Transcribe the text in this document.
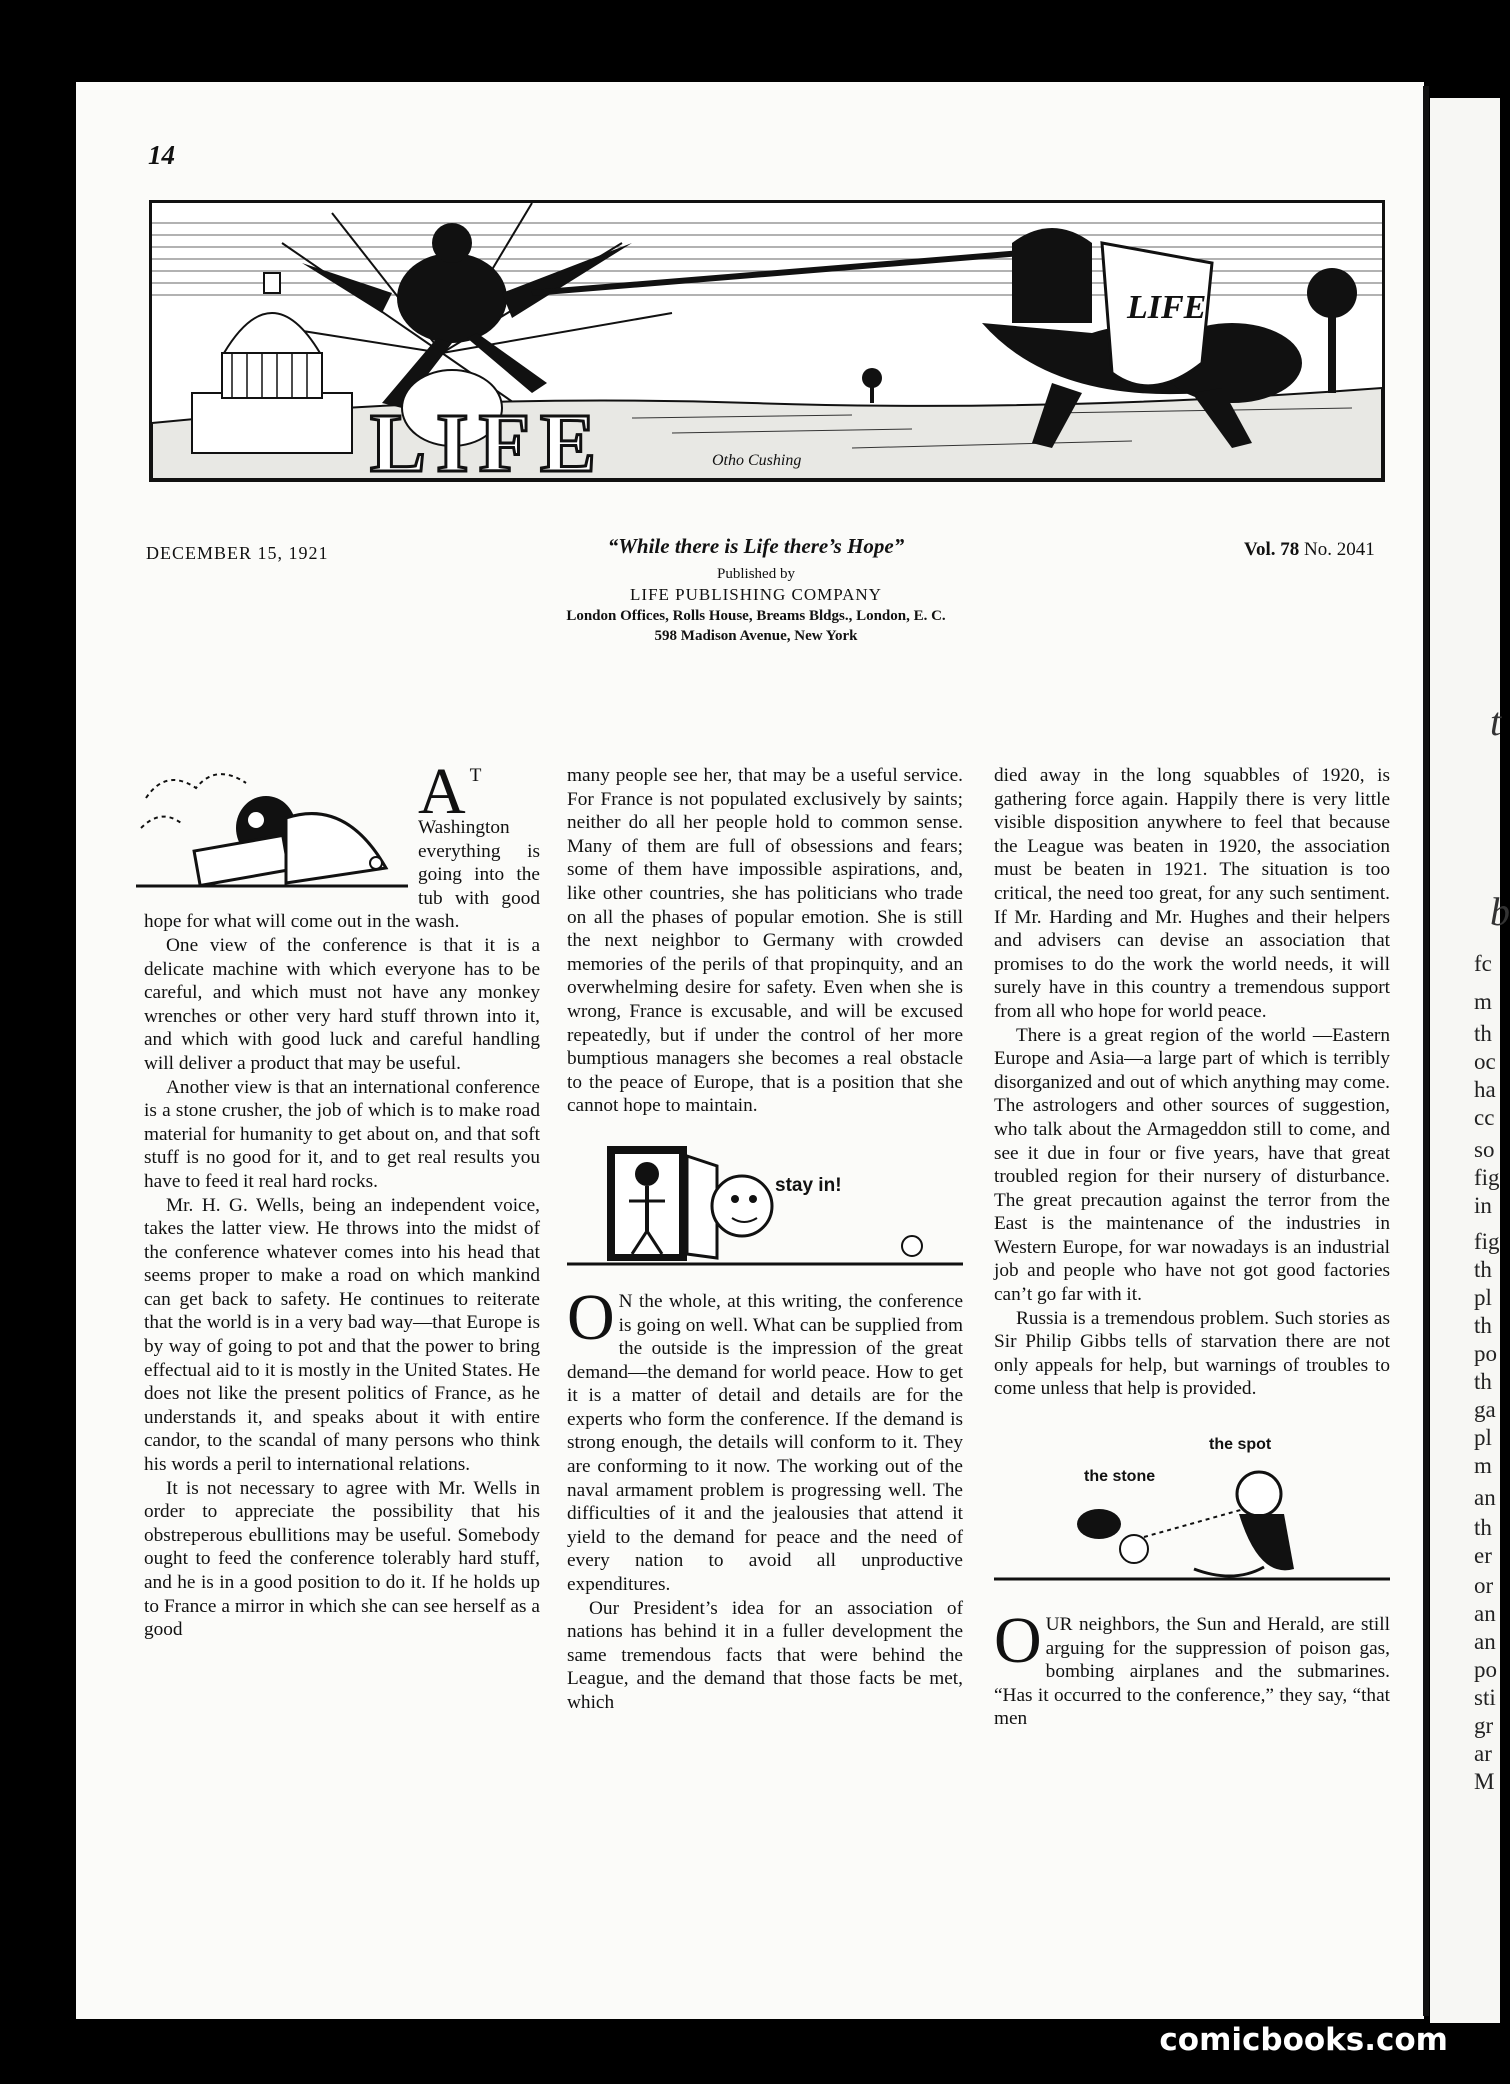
14
LIFE
LIFE	Otho Cushing
DECEMBER 15, 1921	“While there is Life there’s Hope”
Published by
LIFE PUBLISHING COMPANY
London Offices, Rolls House, Breams Bldgs., London, E. C.
598 Madison Avenue, New York
Vol. 78 No. 2041

A T Washington everything is going into the tub with good hope for what will come out in the wash.

One view of the conference is that it is a delicate machine with which everyone has to be careful, and which must not have any monkey wrenches or other very hard stuff thrown into it, and which with good luck and careful handling will deliver a product that may be useful.

Another view is that an international conference is a stone crusher, the job of which is to make road material for humanity to get about on, and that soft stuff is no good for it, and to get real results you have to feed it real hard rocks.

Mr. H. G. Wells, being an independent voice, takes the latter view. He throws into the midst of the conference whatever comes into his head that seems proper to make a road on which mankind can get back to safety. He continues to reiterate that the world is in a very bad way—that Europe is by way of going to pot and that the power to bring effectual aid to it is mostly in the United States. He does not like the present politics of France, as he understands it, and speaks about it with entire candor, to the scandal of many persons who think his words a peril to international relations.

It is not necessary to agree with Mr. Wells in order to appreciate the possibility that his obstreperous ebullitions may be useful. Somebody ought to feed the conference tolerably hard stuff, and he is in a good position to do it. If he holds up to France a mirror in which she can see herself as a good

many people see her, that may be a useful service. For France is not populated exclusively by saints; neither do all her people hold to common sense. Many of them are full of obsessions and fears; some of them have impossible aspirations, and, like other countries, she has politicians who trade on all the phases of popular emotion. She is still the next neighbor to Germany with crowded memories of the perils of that propinquity, and an overwhelming desire for safety. Even when she is wrong, France is excusable, and will be excused repeatedly, but if under the control of her more bumptious managers she becomes a real obstacle to the peace of Europe, that is a position that she cannot hope to maintain.

stay in!

O N the whole, at this writing, the conference is going on well. What can be supplied from the outside is the impression of the great demand—the demand for world peace. How to get it is a matter of detail and details are for the experts who form the conference. If the demand is strong enough, the details will conform to it. They are conforming to it now. The working out of the naval armament problem is progressing well. The difficulties of it and the jealousies that attend it yield to the demand for peace and the need of every nation to avoid all unproductive expenditures.

Our President’s idea for an association of nations has behind it in a fuller development the same tremendous facts that were behind the League, and the demand that those facts be met, which

died away in the long squabbles of 1920, is gathering force again. Happily there is very little visible disposition anywhere to feel that because the League was beaten in 1920, the association must be beaten in 1921. The situation is too critical, the need too great, for any such sentiment. If Mr. Harding and Mr. Hughes and their helpers and advisers can devise an association that promises to do the work the world needs, it will surely have in this country a tremendous support from all who hope for world peace.

There is a great region of the world —Eastern Europe and Asia—a large part of which is terribly disorganized and out of which anything may come. The astrologers and other sources of suggestion, who talk about the Armageddon still to come, and see it due in four or five years, have that great troubled region for their nursery of disturbance. The great precaution against the terror from the East is the maintenance of the industries in Western Europe, for war nowadays is an industrial job and people who have not got good factories can’t go far with it.

Russia is a tremendous problem. Such stories as Sir Philip Gibbs tells of starvation there are not only appeals for help, but warnings of troubles to come unless that help is provided.

the stone
the spot

OUR neighbors, the Sun and Herald, are still arguing for the suppression of poison gas, bombing airplanes and the submarines. “Has it occurred to the conference,” they say, “that men

t
b
fc
m
th
oc
ha
cc
so
fig
in
fig
th
pl
th
po
th
ga
pl
m
an
th
er
or
an
an
po
sti
gr
ar
M
comicbooks.com
